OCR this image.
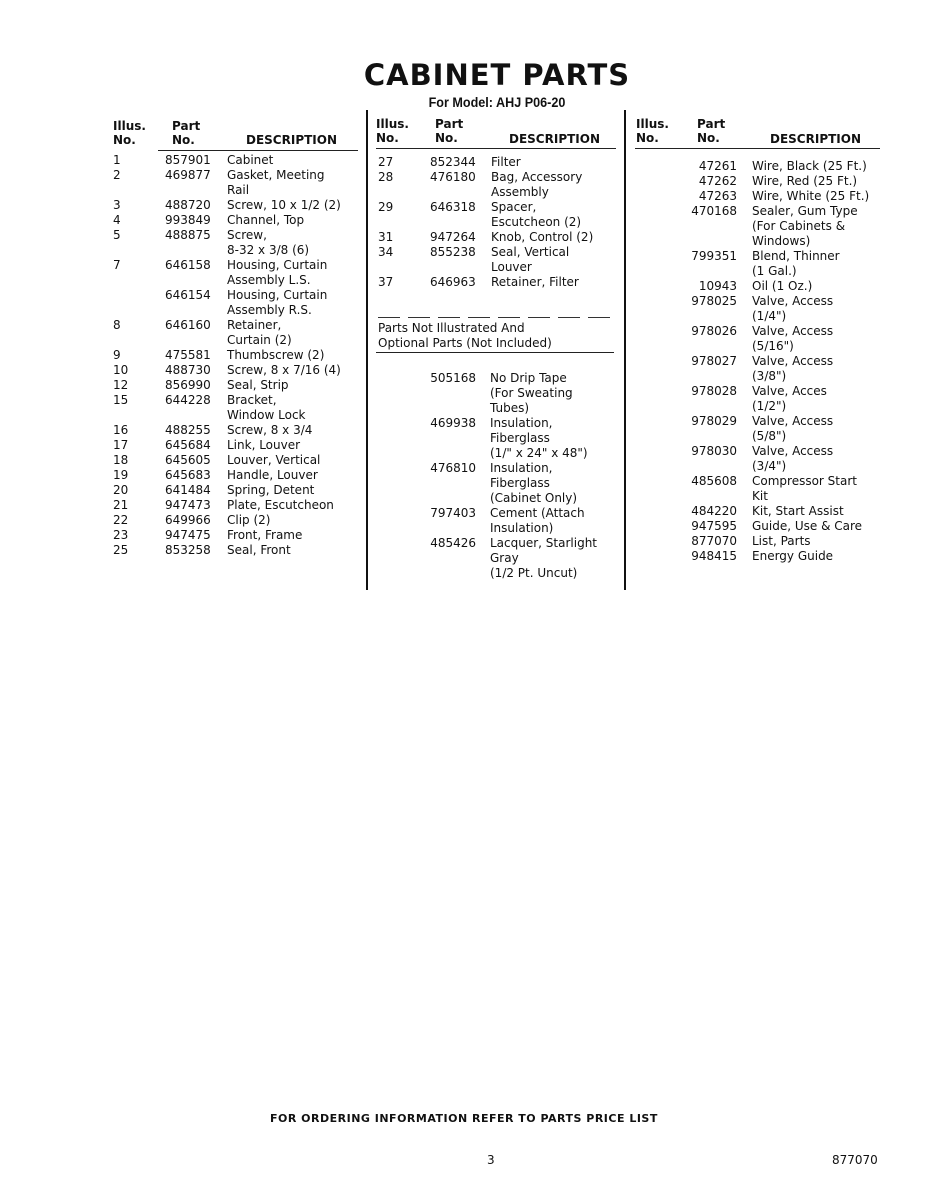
CABINET PARTS
For Model: AHJ P06-20
Illus.
No.
Part
No.	DESCRIPTION
Illus.
No.
Part
No.	DESCRIPTION
Illus.
No.
Part
No.	DESCRIPTION
1	857901 Cabinet
2	469877 Gasket, Meeting
Rail
3	488720 Screw, 10 x 1/2 (2)
4	993849 Channel, Top
5	488875 Screw,
8-32 x 3/8 (6)
7	646158 Housing, Curtain
Assembly L.S.
646154 Housing, Curtain
Assembly R.S.
8	646160 Retainer,
Curtain (2)
9	475581 Thumbscrew (2)
10	488730 Screw, 8 x 7/16 (4)
12	856990 Seal, Strip
15	644228 Bracket,
Window Lock
16	488255 Screw, 8 x 3/4
17	645684 Link, Louver
18	645605 Louver, Vertical
19	645683 Handle, Louver
20	641484 Spring, Detent
21	947473 Plate, Escutcheon
22	649966 Clip (2)
23	947475 Front, Frame
25	853258 Seal, Front
27	852344 Filter
28	476180 Bag, Accessory
Assembly
29	646318 Spacer,
Escutcheon (2)
31	947264 Knob, Control (2)
34	855238 Seal, Vertical
Louver
37	646963 Retainer, Filter
Parts Not Illustrated And
Optional Parts (Not Included)
505168 No Drip Tape
(For Sweating
Tubes)
469938 Insulation,
Fiberglass
(1/" x 24" x 48")
476810 Insulation,
Fiberglass
(Cabinet Only)
797403 Cement (Attach
Insulation)
485426 Lacquer, Starlight
Gray
(1/2 Pt. Uncut)
47261 Wire, Black (25 Ft.)
47262 Wire, Red (25 Ft.)
47263 Wire, White (25 Ft.)
470168 Sealer, Gum Type
(For Cabinets &
Windows)
799351 Blend, Thinner
(1 Gal.)
10943 Oil (1 Oz.)
978025 Valve, Access
(1/4")
978026 Valve, Access
(5/16")
978027 Valve, Access
(3/8")
978028 Valve, Acces
(1/2")
978029 Valve, Access
(5/8")
978030 Valve, Access
(3/4")
485608 Compressor Start
Kit
484220 Kit, Start Assist
947595 Guide, Use & Care
877070 List, Parts
948415 Energy Guide
FOR ORDERING INFORMATION REFER TO PARTS PRICE LIST
3	877070
